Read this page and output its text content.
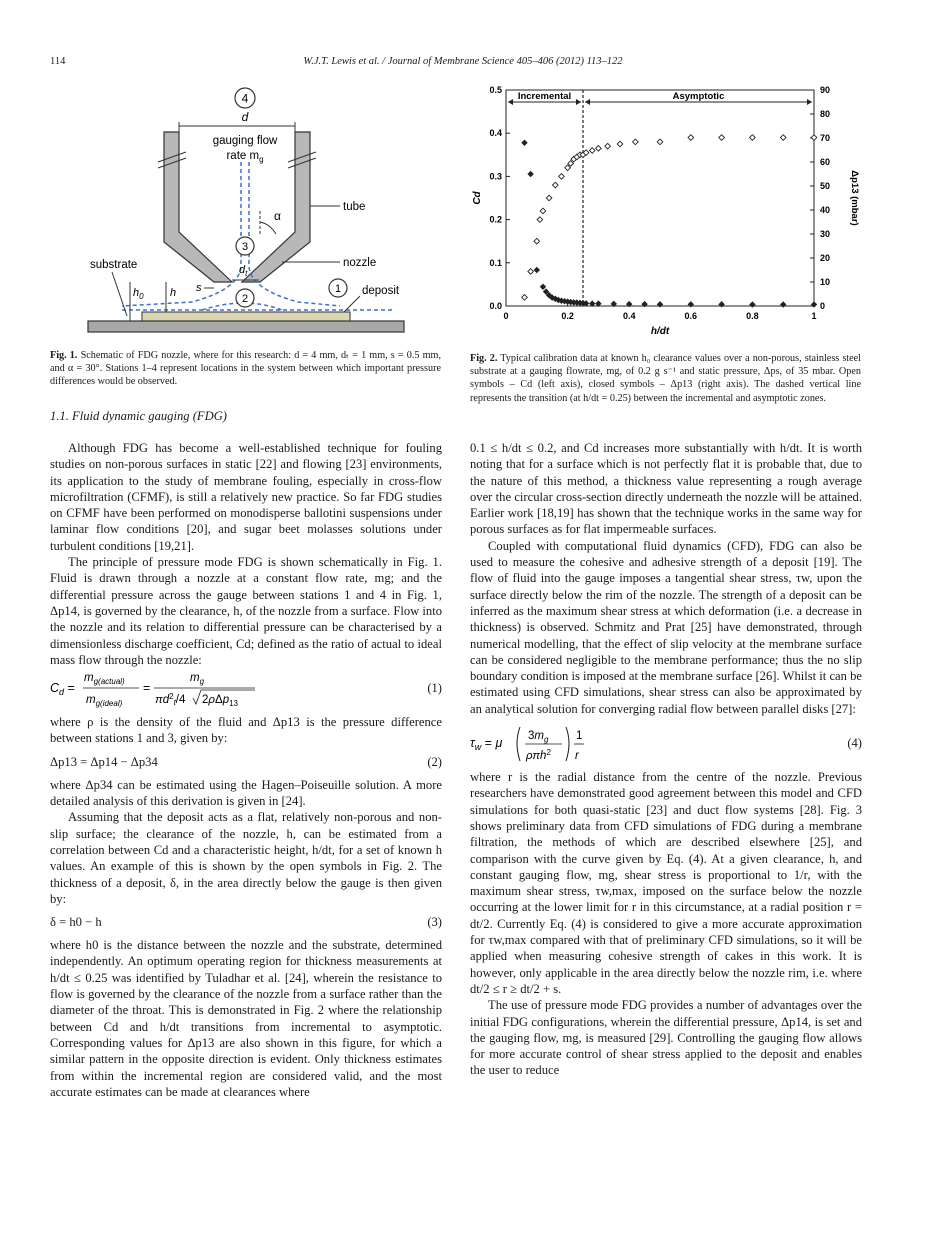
114	W.J.T. Lewis et al. / Journal of Membrane Science 405–406 (2012) 113–122
4
d
gauging flow
rate $m_g$
3
$d_t$
2
1
α
tube
nozzle
substrate
deposit
$h_0$ h s
Fig. 1. Schematic of FDG nozzle, where for this research: d = 4 mm, dₜ = 1 mm, s = 0.5 mm, and α = 30°. Stations 1–4 represent locations in the system between which important pressure differences would be observed.
0	0.2	0.4	0.6	0.8	1
0.0
0.1
0.2
0.3
0.4
0.5
0
10
20
30
40
50
60
70
80
90
h/dt
Cd	Δp13 (mbar)
Incremental	Asymptotic
Fig. 2. Typical calibration data at known h₀ clearance values over a non-porous, stainless steel substrate at a gauging flowrate, mg, of 0.2 g s⁻¹ and static pressure, Δps, of 35 mbar. Open symbols – Cd (left axis), closed symbols – Δp13 (right axis). The dashed vertical line represents the transition (at h/dt = 0.25) between the incremental and asymptotic zones.
1.1. Fluid dynamic gauging (FDG)

Although FDG has become a well-established technique for fouling studies on non-porous surfaces in static [22] and flowing [23] environments, its application to the study of membrane fouling, especially in cross-flow microfiltration (CFMF), is still a relatively new practice. So far FDG studies on CFMF have been performed on monodisperse ballotini suspensions under laminar flow conditions [20], and sugar beet molasses solutions under turbulent conditions [19,21].

The principle of pressure mode FDG is shown schematically in Fig. 1. Fluid is drawn through a nozzle at a constant flow rate, mg; and the differential pressure across the gauge between stations 1 and 4 in Fig. 1, Δp14, is governed by the clearance, h, of the nozzle from a surface. Flow into the nozzle and its relation to differential pressure can be characterised by a dimensionless discharge coefficient, Cd; defined as the ratio of actual to ideal mass flow through the nozzle:

$C_d$ =
$m_{g(actual)}$
$m_{g(ideal)}$
=
$m_g$
$\pi d^2_t/4$ 2ρΔp$_{13}$
(1)

where ρ is the density of the fluid and Δp13 is the pressure difference between stations 1 and 3, given by:

Δp13 = Δp14 − Δp34	(2)

where Δp34 can be estimated using the Hagen–Poiseuille solution. A more detailed analysis of this derivation is given in [24].

Assuming that the deposit acts as a flat, relatively non-porous and non-slip surface; the clearance of the nozzle, h, can be estimated from a correlation between Cd and a characteristic height, h/dt, for a set of known h values. An example of this is shown by the open symbols in Fig. 2. The thickness of a deposit, δ, in the area directly below the gauge is then given by:

δ = h0 − h	(3)

where h0 is the distance between the nozzle and the substrate, determined independently. An optimum operating region for thickness measurements at h/dt ≤ 0.25 was identified by Tuladhar et al. [24], wherein the resistance to flow is governed by the clearance of the nozzle from a surface rather than the diameter of the throat. This is demonstrated in Fig. 2 where the relationship between Cd and h/dt transitions from incremental to asymptotic. Corresponding values for Δp13 are also shown in this figure, for which a similar pattern in the opposite direction is evident. Only thickness estimates from within the incremental region are considered valid, and the most accurate estimates can be made at clearances where

0.1 ≤ h/dt ≤ 0.2, and Cd increases more substantially with h/dt. It is worth noting that for a surface which is not perfectly flat it is probable that, due to the nature of this method, a thickness value representing a rough average over the circular cross-section directly underneath the nozzle will be attained. Earlier work [18,19] has shown that the technique works in the same way for porous surfaces as for flat impermeable surfaces.

Coupled with computational fluid dynamics (CFD), FDG can also be used to measure the cohesive and adhesive strength of a deposit [19]. The flow of fluid into the gauge imposes a tangential shear stress, τw, upon the surface directly below the rim of the nozzle. The strength of a deposit can be inferred as the maximum shear stress at which deformation (i.e. a decrease in thickness) is observed. Schmitz and Prat [25] have demonstrated, through numerical modelling, that the effect of slip velocity at the membrane surface can be considered negligible to the membrane performance; thus the no slip boundary condition is imposed at the membrane surface [26]. Whilst it can be estimated using CFD simulations, shear stress can also be approximated by an analytical solution for converging radial flow between parallel disks [27]:

$\tau_w = \mu$ $3m_g$
ρπh$^2$
1
r
(4)

where r is the radial distance from the centre of the nozzle. Previous researchers have demonstrated good agreement between this model and CFD simulations for both quasi-static [23] and duct flow systems [28]. Fig. 3 shows preliminary data from CFD simulations of FDG during a membrane filtration, the methods of which are described elsewhere [25], and comparison with the curve given by Eq. (4). At a given clearance, h, and constant gauging flow, mg, shear stress is proportional to 1/r, with the maximum shear stress, τw,max, imposed on the surface below the nozzle occurring at the lower limit for r in this circumstance, at a radial position r = dt/2. Currently Eq. (4) is considered to give a more accurate approximation for τw,max compared with that of preliminary CFD simulations, so it will be applied when measuring cohesive strength of cakes in this work. It is however, only applicable in the area directly below the nozzle rim, i.e. where dt/2 ≤ r ≥ dt/2 + s.

The use of pressure mode FDG provides a number of advantages over the initial FDG configurations, wherein the differential pressure, Δp14, is set and the gauging flow, mg, is measured [29]. Controlling the gauging flow allows for more accurate control of shear stress applied to the deposit and enables the user to reduce
